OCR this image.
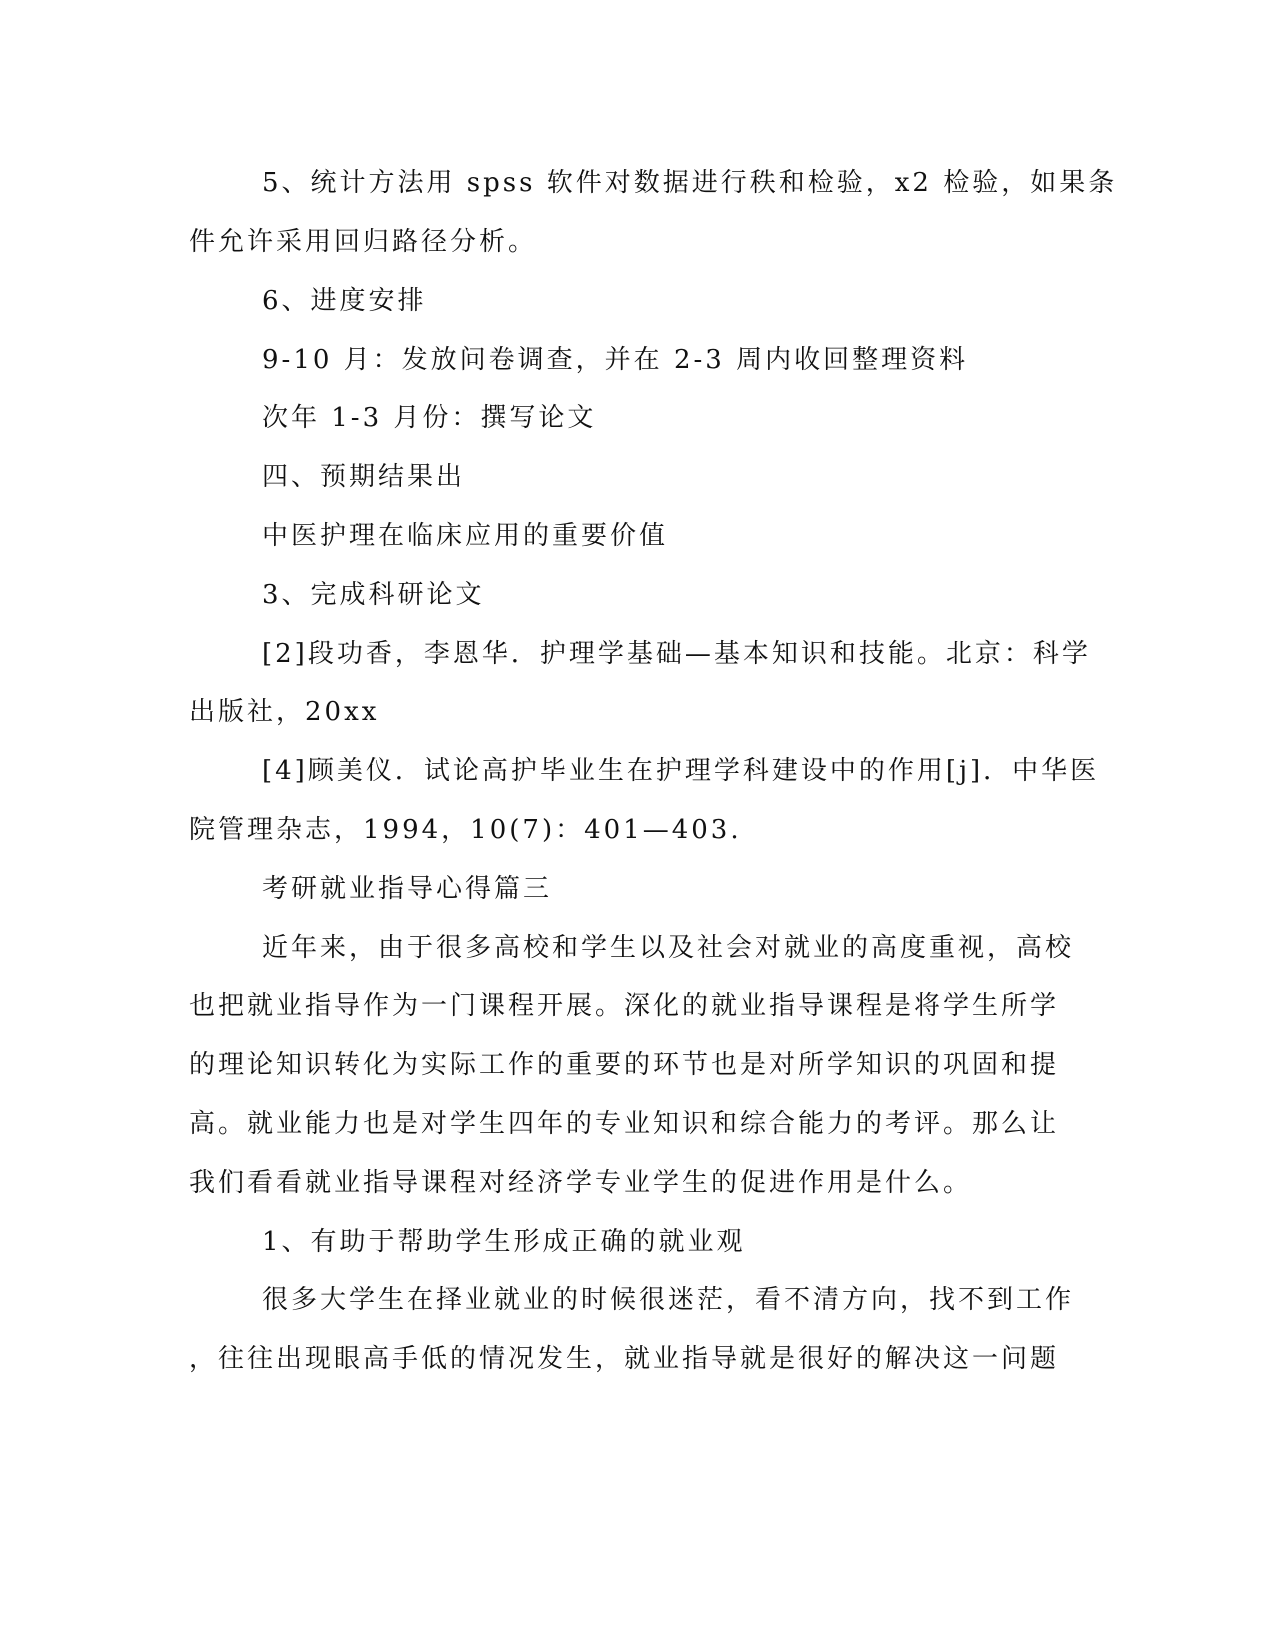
5、统计方法用 spss 软件对数据进行秩和检验，x2 检验，如果条
件允许采用回归路径分析。
6、进度安排
9-10 月：发放问卷调查，并在 2-3 周内收回整理资料
次年 1-3 月份：撰写论文
四、预期结果出
中医护理在临床应用的重要价值
3、完成科研论文
[2]段功香，李恩华．护理学基础—基本知识和技能。北京：科学
出版社，20xx
[4]顾美仪．试论高护毕业生在护理学科建设中的作用[j]．中华医
院管理杂志，1994，10(7)：401—403.
考研就业指导心得篇三
近年来，由于很多高校和学生以及社会对就业的高度重视，高校
也把就业指导作为一门课程开展。深化的就业指导课程是将学生所学
的理论知识转化为实际工作的重要的环节也是对所学知识的巩固和提
高。就业能力也是对学生四年的专业知识和综合能力的考评。那么让
我们看看就业指导课程对经济学专业学生的促进作用是什么。
1、有助于帮助学生形成正确的就业观
很多大学生在择业就业的时候很迷茫，看不清方向，找不到工作
，往往出现眼高手低的情况发生，就业指导就是很好的解决这一问题
